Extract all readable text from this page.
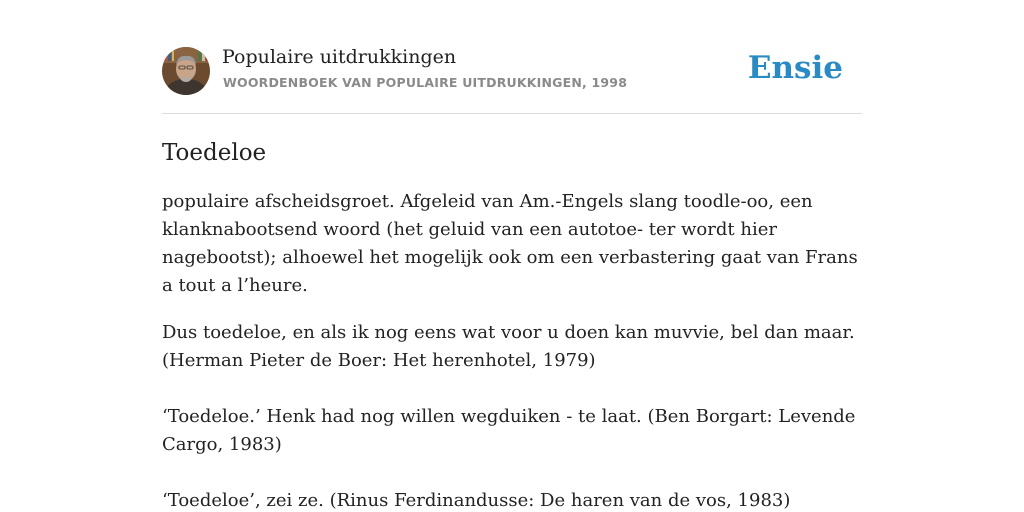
Populaire uitdrukkingen
WOORDENBOEK VAN POPULAIRE UITDRUKKINGEN, 1998	Ensie
Toedeloe

populaire afscheidsgroet. Afgeleid van Am.-Engels slang toodle-oo, een klanknabootsend woord (het geluid van een autotoe- ter wordt hier nagebootst); alhoewel het mogelijk ook om een verbastering gaat van Frans a tout a l’heure.

Dus toedeloe, en als ik nog eens wat voor u doen kan muvvie, bel dan maar. (Herman Pieter de Boer: Het herenhotel, 1979)

‘Toedeloe.’ Henk had nog willen wegduiken - te laat. (Ben Borgart: Levende Cargo, 1983)

‘Toedeloe’, zei ze. (Rinus Ferdinandusse: De haren van de vos, 1983)
